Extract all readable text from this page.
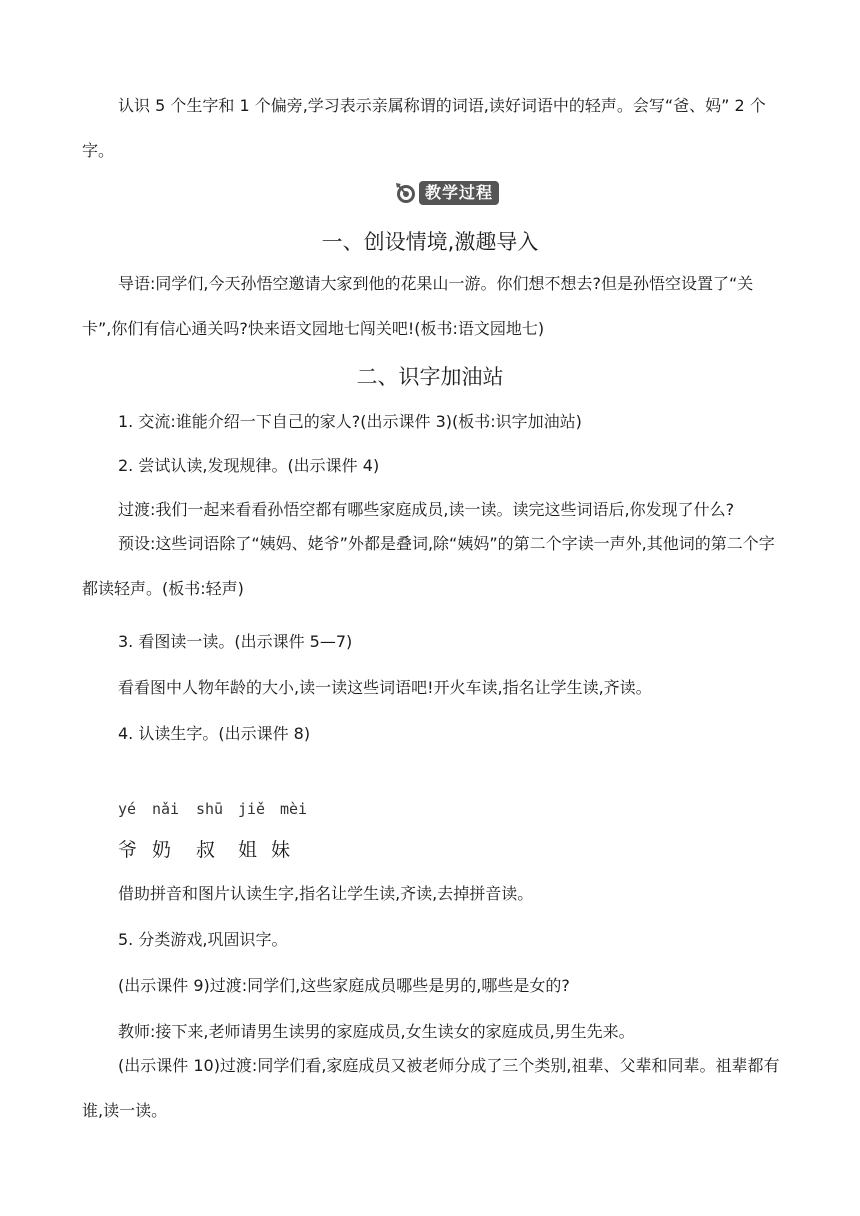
认识 5 个生字和 1 个偏旁,学习表示亲属称谓的词语,读好词语中的轻声。会写“爸、妈” 2 个字。

教学过程
一、创设情境,激趣导入

导语:同学们,今天孙悟空邀请大家到他的花果山一游。你们想不想去?但是孙悟空设置了“关卡”,你们有信心通关吗?快来语文园地七闯关吧!(板书:语文园地七)

二、识字加油站

1. 交流:谁能介绍一下自己的家人?(出示课件 3)(板书:识字加油站)

2. 尝试认读,发现规律。(出示课件 4)

过渡:我们一起来看看孙悟空都有哪些家庭成员,读一读。读完这些词语后,你发现了什么?

预设:这些词语除了“姨妈、姥爷”外都是叠词,除“姨妈”的第二个字读一声外,其他词的第二个字都读轻声。(板书:轻声)

3. 看图读一读。(出示课件 5—7)

看看图中人物年龄的大小,读一读这些词语吧!开火车读,指名让学生读,齐读。

4. 认读生字。(出示课件 8)

yé nǎi shū jiě mèi
爷 奶 叔 姐 妹

借助拼音和图片认读生字,指名让学生读,齐读,去掉拼音读。

5. 分类游戏,巩固识字。

(出示课件 9)过渡:同学们,这些家庭成员哪些是男的,哪些是女的?

教师:接下来,老师请男生读男的家庭成员,女生读女的家庭成员,男生先来。

(出示课件 10)过渡:同学们看,家庭成员又被老师分成了三个类别,祖辈、父辈和同辈。祖辈都有谁,读一读。
